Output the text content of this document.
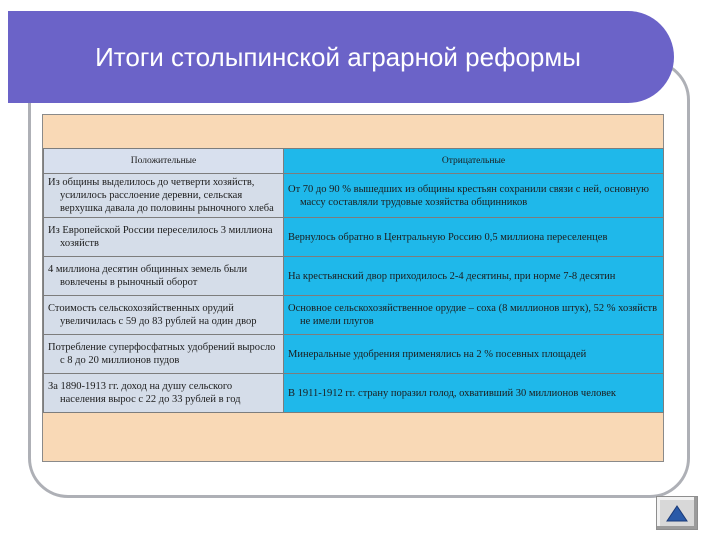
Итоги столыпинской аграрной реформы
Положительные	Отрицательные

Из общины выделилось до четверти хозяйств, усилилось расслоение деревни, сельская верхушка давала до половины рыночного хлеба	От 70 до 90 % вышедших из общины крестьян сохранили связи с ней, основную массу составляли трудовые хозяйства общинников

Из Европейской России переселилось 3 миллиона хозяйств	Вернулось обратно в Центральную Россию 0,5 миллиона переселенцев

4 миллиона десятин общинных земель были вовлечены в рыночный оборот	На крестьянский двор приходилось 2-4 десятины, при норме 7-8 десятин

Стоимость сельскохозяйственных орудий увеличилась с 59 до 83 рублей на один двор	Основное сельскохозяйственное орудие – соха (8 миллионов штук), 52 % хозяйств не имели плугов

Потребление суперфосфатных удобрений выросло с 8 до 20 миллионов пудов	Минеральные удобрения применялись на 2 % посевных площадей

За 1890-1913 гг. доход на душу сельского населения вырос с 22 до 33 рублей в год	В 1911-1912 гг. страну поразил голод, охвативший 30 миллионов человек
